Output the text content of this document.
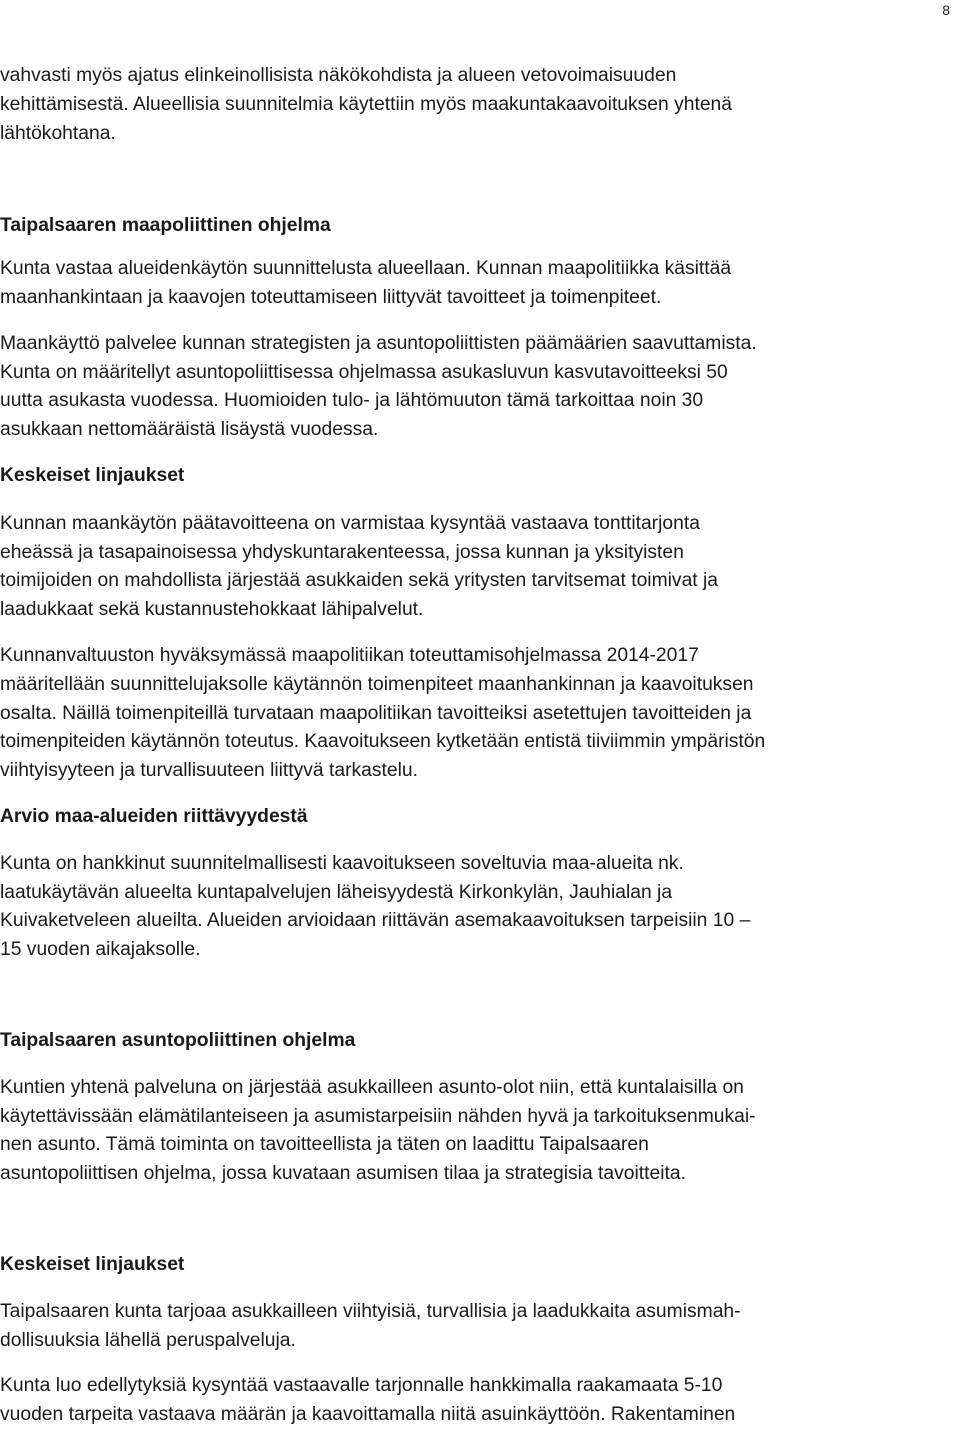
8

vahvasti myös ajatus elinkeinollisista näkökohdista ja alueen vetovoimaisuuden
kehittämisestä. Alueellisia suunnitelmia käytettiin myös maakuntakaavoituksen yhtenä
lähtökohtana.

Taipalsaaren maapoliittinen ohjelma

Kunta vastaa alueidenkäytön suunnittelusta alueellaan. Kunnan maapolitiikka käsittää
maanhankintaan ja kaavojen toteuttamiseen liittyvät tavoitteet ja toimenpiteet.

Maankäyttö palvelee kunnan strategisten ja asuntopoliittisten päämäärien saavuttamista.
Kunta on määritellyt asuntopoliittisessa ohjelmassa asukasluvun kasvutavoitteeksi 50
uutta asukasta vuodessa. Huomioiden tulo- ja lähtömuuton tämä tarkoittaa noin 30
asukkaan nettomääräistä lisäystä vuodessa.

Keskeiset linjaukset

Kunnan maankäytön päätavoitteena on varmistaa kysyntää vastaava tonttitarjonta
eheässä ja tasapainoisessa yhdyskuntarakenteessa, jossa kunnan ja yksityisten
toimijoiden on mahdollista järjestää asukkaiden sekä yritysten tarvitsemat toimivat ja
laadukkaat sekä kustannustehokkaat lähipalvelut.

Kunnanvaltuuston hyväksymässä maapolitiikan toteuttamisohjelmassa 2014-2017
määritellään suunnittelujaksolle käytännön toimenpiteet maanhankinnan ja kaavoituksen
osalta. Näillä toimenpiteillä turvataan maapolitiikan tavoitteiksi asetettujen tavoitteiden ja
toimenpiteiden käytännön toteutus. Kaavoitukseen kytketään entistä tiiviimmin ympäristön
viihtyisyyteen ja turvallisuuteen liittyvä tarkastelu.

Arvio maa-alueiden riittävyydestä

Kunta on hankkinut suunnitelmallisesti kaavoitukseen soveltuvia maa-alueita nk.
laatukäytävän alueelta kuntapalvelujen läheisyydestä Kirkonkylän, Jauhialan ja
Kuivaketveleen alueilta. Alueiden arvioidaan riittävän asemakaavoituksen tarpeisiin 10 –
15 vuoden aikajaksolle.

Taipalsaaren asuntopoliittinen ohjelma

Kuntien yhtenä palveluna on järjestää asukkailleen asunto-olot niin, että kuntalaisilla on
käytettävissään elämätilanteiseen ja asumistarpeisiin nähden hyvä ja tarkoituksenmukai-
nen asunto. Tämä toiminta on tavoitteellista ja täten on laadittu Taipalsaaren
asuntopoliittisen ohjelma, jossa kuvataan asumisen tilaa ja strategisia tavoitteita.

Keskeiset linjaukset

Taipalsaaren kunta tarjoaa asukkailleen viihtyisiä, turvallisia ja laadukkaita asumismah-
dollisuuksia lähellä peruspalveluja.

Kunta luo edellytyksiä kysyntää vastaavalle tarjonnalle hankkimalla raakamaata 5-10
vuoden tarpeita vastaava määrän ja kaavoittamalla niitä asuinkäyttöön. Rakentaminen
